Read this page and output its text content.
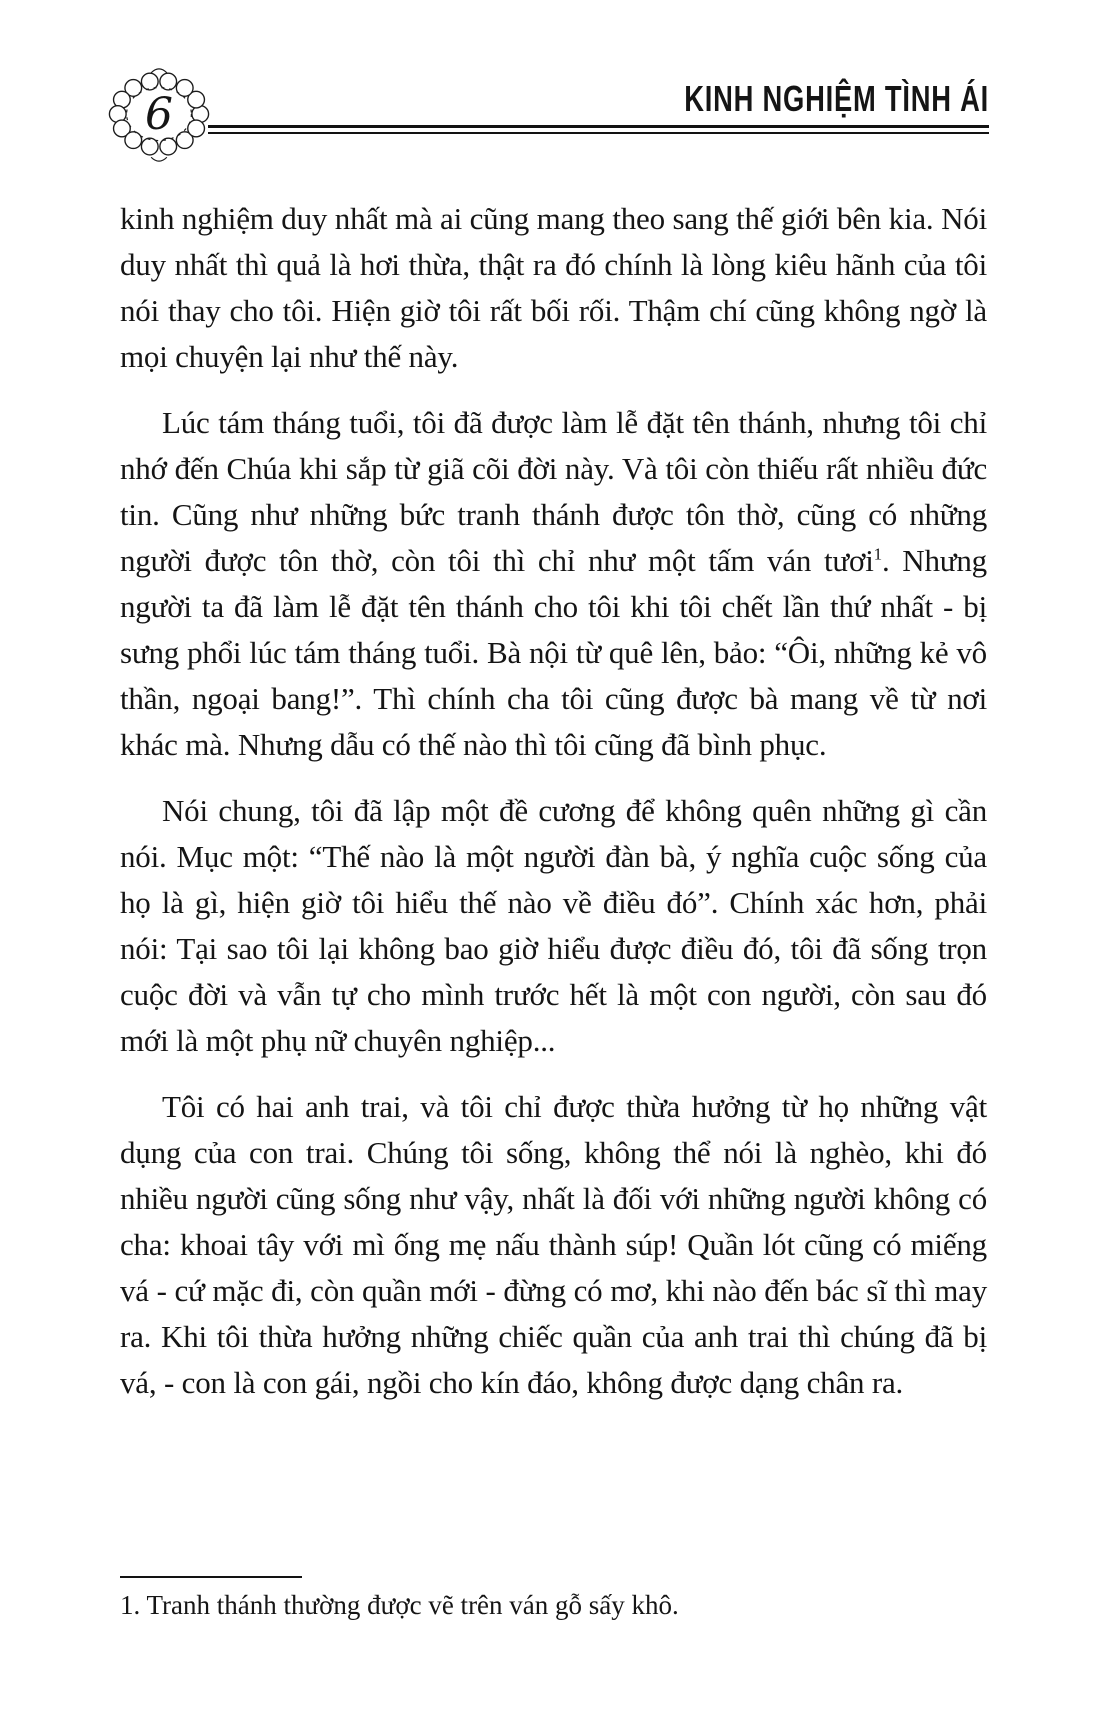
6	KINH NGHIỆM TÌNH ÁI

kinh nghiệm duy nhất mà ai cũng mang theo sang thế giới bên kia. Nói duy nhất thì quả là hơi thừa, thật ra đó chính là lòng kiêu hãnh của tôi nói thay cho tôi. Hiện giờ tôi rất bối rối. Thậm chí cũng không ngờ là mọi chuyện lại như thế này.

Lúc tám tháng tuổi, tôi đã được làm lễ đặt tên thánh, nhưng tôi chỉ nhớ đến Chúa khi sắp từ giã cõi đời này. Và tôi còn thiếu rất nhiều đức tin. Cũng như những bức tranh thánh được tôn thờ, cũng có những người được tôn thờ, còn tôi thì chỉ như một tấm ván tươi$^1$. Nhưng người ta đã làm lễ đặt tên thánh cho tôi khi tôi chết lần thứ nhất - bị sưng phổi lúc tám tháng tuổi. Bà nội từ quê lên, bảo: “Ôi, những kẻ vô thần, ngoại bang!”. Thì chính cha tôi cũng được bà mang về từ nơi khác mà. Nhưng dẫu có thế nào thì tôi cũng đã bình phục.

Nói chung, tôi đã lập một đề cương để không quên những gì cần nói. Mục một: “Thế nào là một người đàn bà, ý nghĩa cuộc sống của họ là gì, hiện giờ tôi hiểu thế nào về điều đó”. Chính xác hơn, phải nói: Tại sao tôi lại không bao giờ hiểu được điều đó, tôi đã sống trọn cuộc đời và vẫn tự cho mình trước hết là một con người, còn sau đó mới là một phụ nữ chuyên nghiệp...

Tôi có hai anh trai, và tôi chỉ được thừa hưởng từ họ những vật dụng của con trai. Chúng tôi sống, không thể nói là nghèo, khi đó nhiều người cũng sống như vậy, nhất là đối với những người không có cha: khoai tây với mì ống mẹ nấu thành súp! Quần lót cũng có miếng vá - cứ mặc đi, còn quần mới - đừng có mơ, khi nào đến bác sĩ thì may ra. Khi tôi thừa hưởng những chiếc quần của anh trai thì chúng đã bị vá, - con là con gái, ngồi cho kín đáo, không được dạng chân ra.

1. Tranh thánh thường được vẽ trên ván gỗ sấy khô.
